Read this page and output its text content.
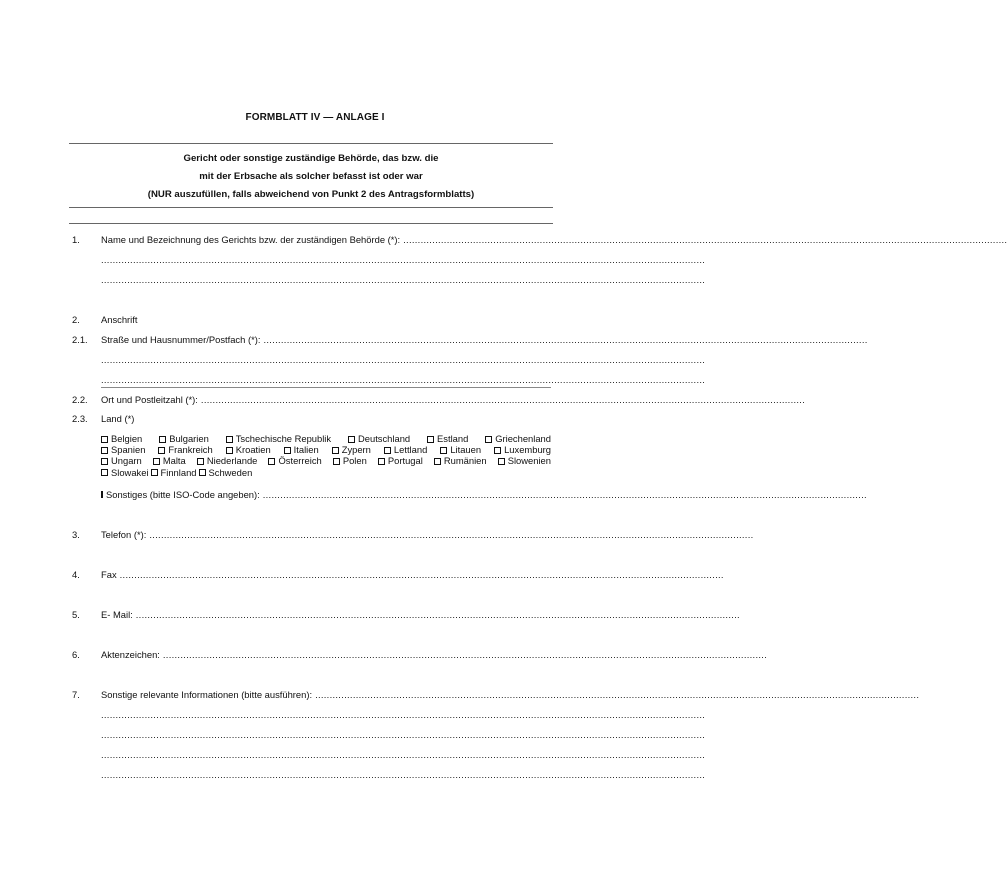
FORMBLATT IV — ANLAGE I
Gericht oder sonstige zuständige Behörde, das bzw. die
mit der Erbsache als solcher befasst ist oder war
(NUR auszufüllen, falls abweichend von Punkt 2 des Antragsformblatts)
1. Name und Bezeichnung des Gerichts bzw. der zuständigen Behörde (*): ................................................................................................................................................................................................................
................................................................................................................................................................................................................
................................................................................................................................................................................................................
2. Anschrift
2.1. Straße und Hausnummer/Postfach (*): ................................................................................................................................................................................................................
................................................................................................................................................................................................................
................................................................................................................................................................................................................
2.2. Ort und Postleitzahl (*): ................................................................................................................................................................................................................
2.3. Land (*)
Belgien	Bulgarien	Tschechische Republik	Deutschland	Estland	Griechenland
Spanien	Frankreich	Kroatien	Italien	Zypern	Lettland	Litauen	Luxemburg
Ungarn	Malta	Niederlande	Österreich	Polen	Portugal	Rumänien	Slowenien
Slowakei	Finnland	Schweden
Sonstiges (bitte ISO-Code angeben): ................................................................................................................................................................................................................
3. Telefon (*): ................................................................................................................................................................................................................
4. Fax ................................................................................................................................................................................................................
5. E- Mail: ................................................................................................................................................................................................................
6. Aktenzeichen: ................................................................................................................................................................................................................
7. Sonstige relevante Informationen (bitte ausführen): ................................................................................................................................................................................................................
................................................................................................................................................................................................................
................................................................................................................................................................................................................
................................................................................................................................................................................................................
................................................................................................................................................................................................................
